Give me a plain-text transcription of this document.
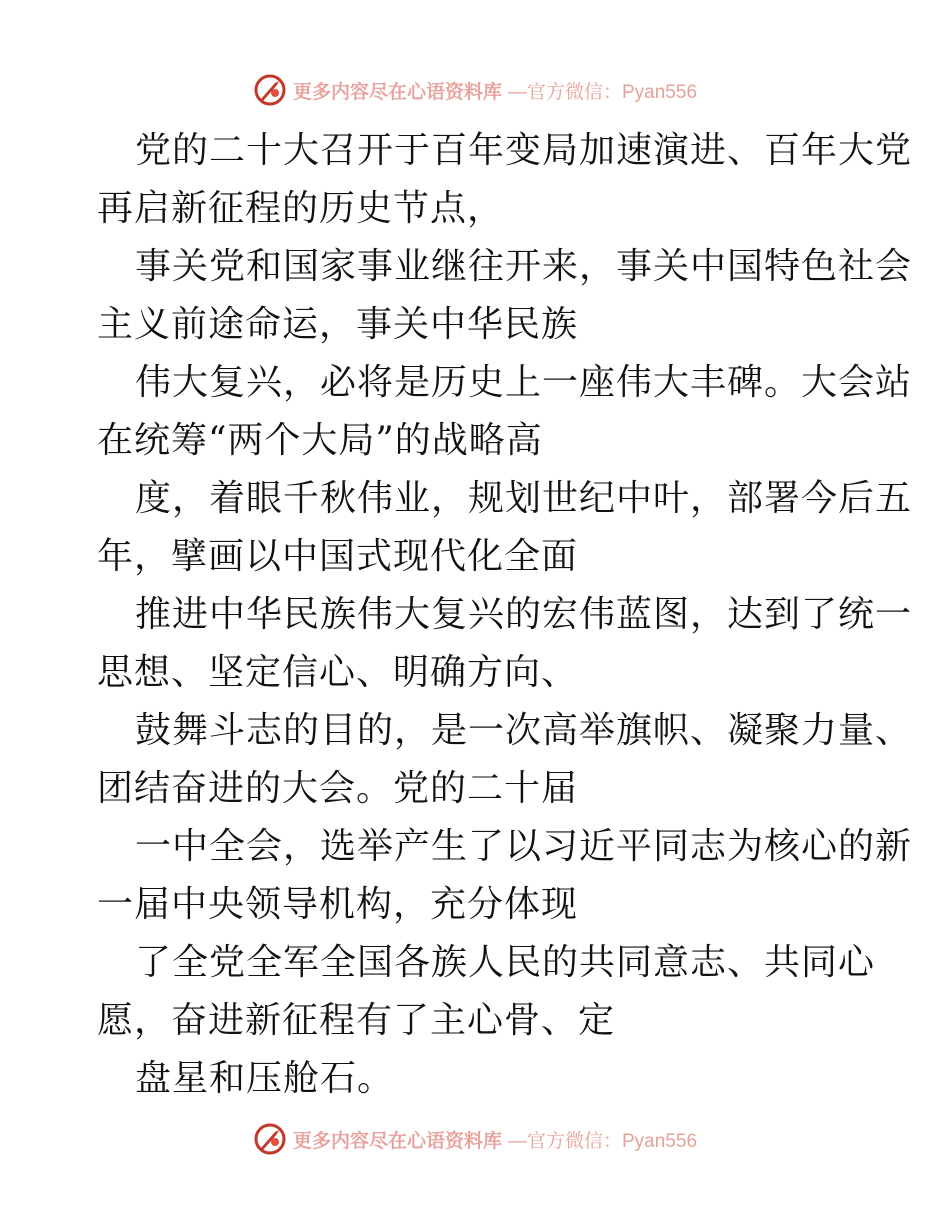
更多内容尽在心语资料库 —官方微信：Pyan556
党的二十大召开于百年变局加速演进、百年大党
再启新征程的历史节点，
事关党和国家事业继往开来，事关中国特色社会
主义前途命运，事关中华民族
伟大复兴，必将是历史上一座伟大丰碑。大会站
在统筹“两个大局”的战略高
度，着眼千秋伟业，规划世纪中叶，部署今后五
年，擘画以中国式现代化全面
推进中华民族伟大复兴的宏伟蓝图，达到了统一
思想、坚定信心、明确方向、
鼓舞斗志的目的，是一次高举旗帜、凝聚力量、
团结奋进的大会。党的二十届
一中全会，选举产生了以习近平同志为核心的新
一届中央领导机构，充分体现
了全党全军全国各族人民的共同意志、共同心
愿，奋进新征程有了主心骨、定
盘星和压舱石。
更多内容尽在心语资料库 —官方微信：Pyan556
